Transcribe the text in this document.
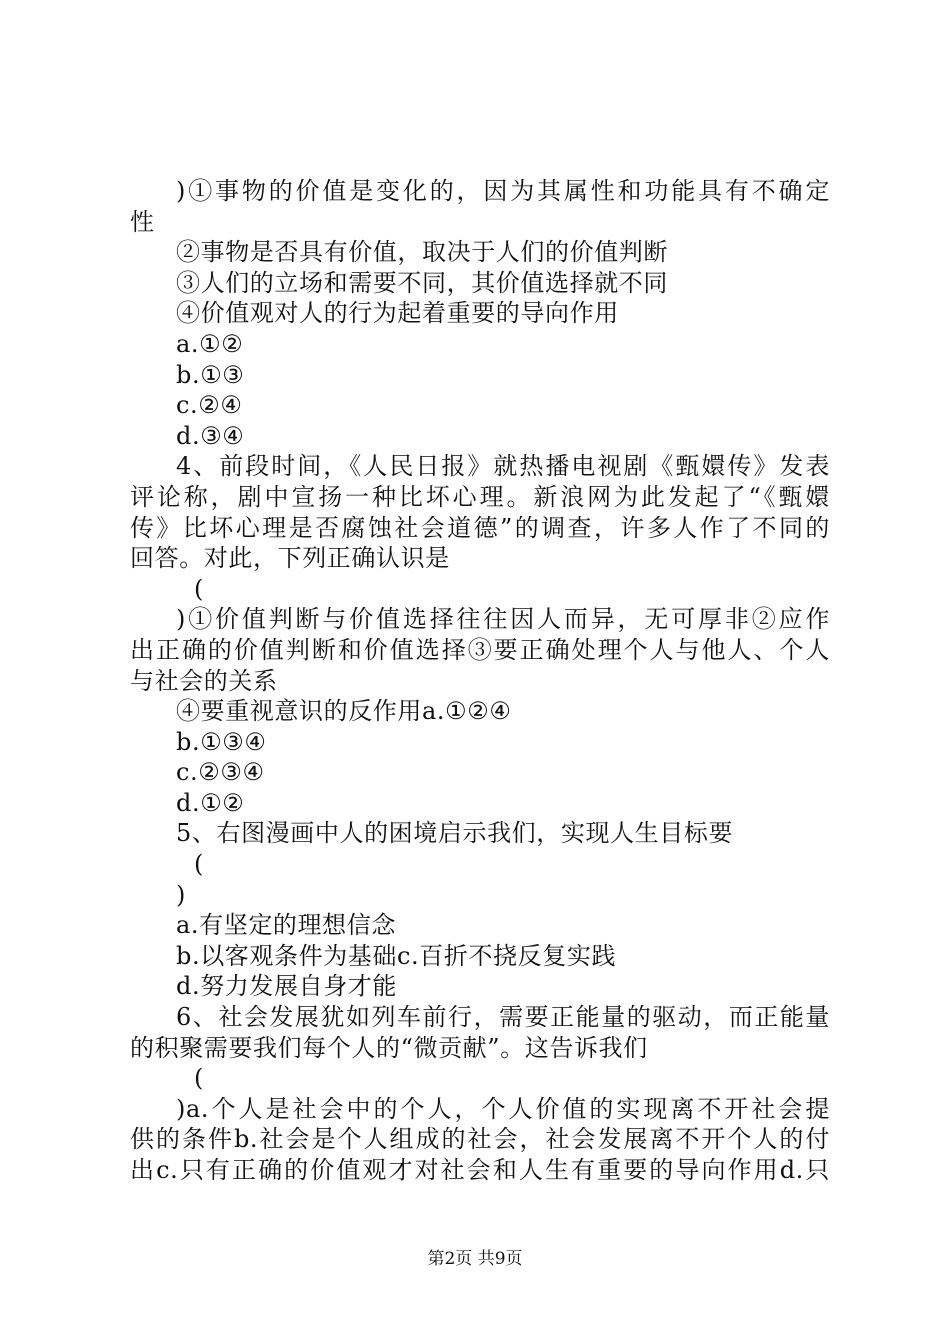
)①事物的价值是变化的，因为其属性和功能具有不确定
性
②事物是否具有价值，取决于人们的价值判断
③人们的立场和需要不同，其价值选择就不同
④价值观对人的行为起着重要的导向作用
a.①②
b.①③
c.②④
d.③④
4、前段时间，《人民日报》就热播电视剧《甄嬛传》发表
评论称，剧中宣扬一种比坏心理。新浪网为此发起了“《甄嬛
传》比坏心理是否腐蚀社会道德”的调查，许多人作了不同的
回答。对此，下列正确认识是
(
)①价值判断与价值选择往往因人而异，无可厚非②应作
出正确的价值判断和价值选择③要正确处理个人与他人、个人
与社会的关系
④要重视意识的反作用a.①②④
b.①③④
c.②③④
d.①②
5、右图漫画中人的困境启示我们，实现人生目标要
(
)
a.有坚定的理想信念
b.以客观条件为基础c.百折不挠反复实践
d.努力发展自身才能
6、社会发展犹如列车前行，需要正能量的驱动，而正能量
的积聚需要我们每个人的“微贡献”。这告诉我们
(
)a.个人是社会中的个人，个人价值的实现离不开社会提
供的条件b.社会是个人组成的社会，社会发展离不开个人的付
出c.只有正确的价值观才对社会和人生有重要的导向作用d.只
第2页 共9页
